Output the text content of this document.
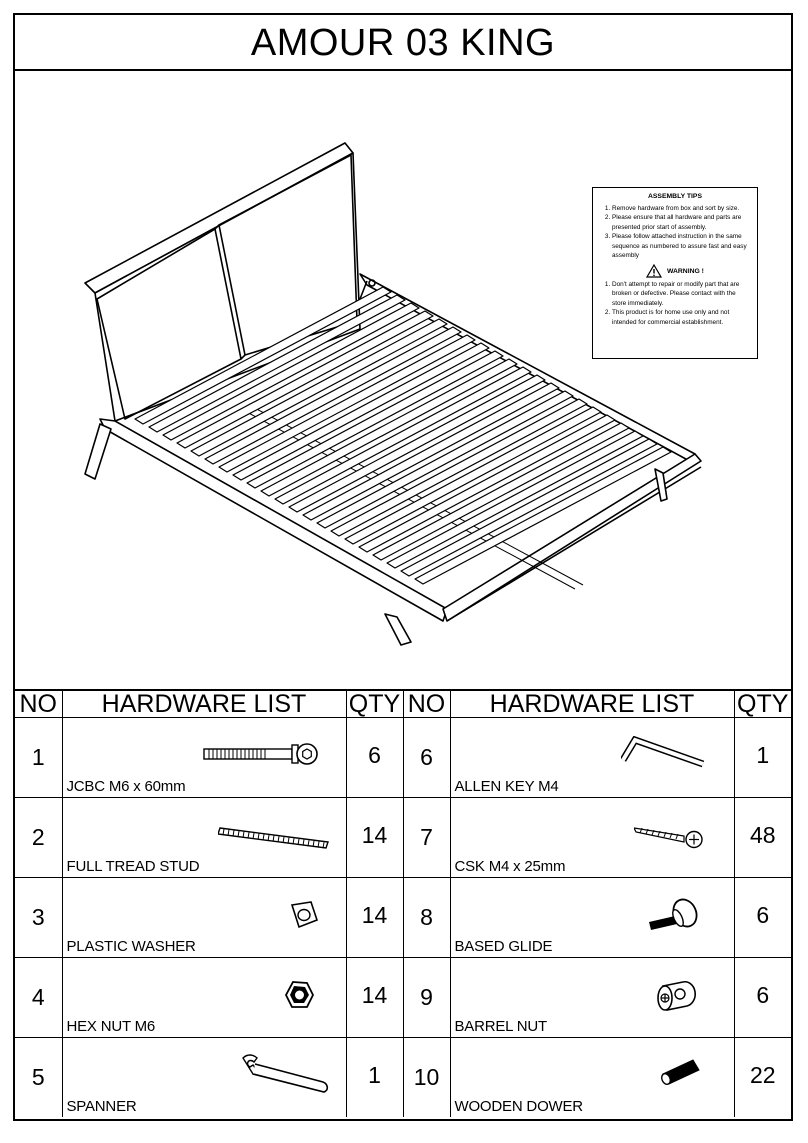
AMOUR 03 KING
ASSEMBLY TIPS
1. Remove hardware from box and sort by size.
2. Please ensure that all hardware and parts are presented prior start of assembly.
3. Please follow attached instruction in the same sequence as numbered to assure fast and easy assembly
WARNING !
1. Don't attempt to repair or modify part that are broken or defective. Please contact with the store immediately.
2. This product is for home use only and not intended for commercial establishment.
NO	HARDWARE LIST	QTY	NO	HARDWARE LIST	QTY
1	JCBC M6 x 60mm	6	6	ALLEN KEY M4	1
2	FULL TREAD STUD	14	7	CSK M4 x 25mm	48
3	PLASTIC WASHER	14	8	BASED GLIDE	6
4	HEX NUT M6	14	9	BARREL NUT	6
5	SPANNER	1	10	WOODEN DOWER	22
